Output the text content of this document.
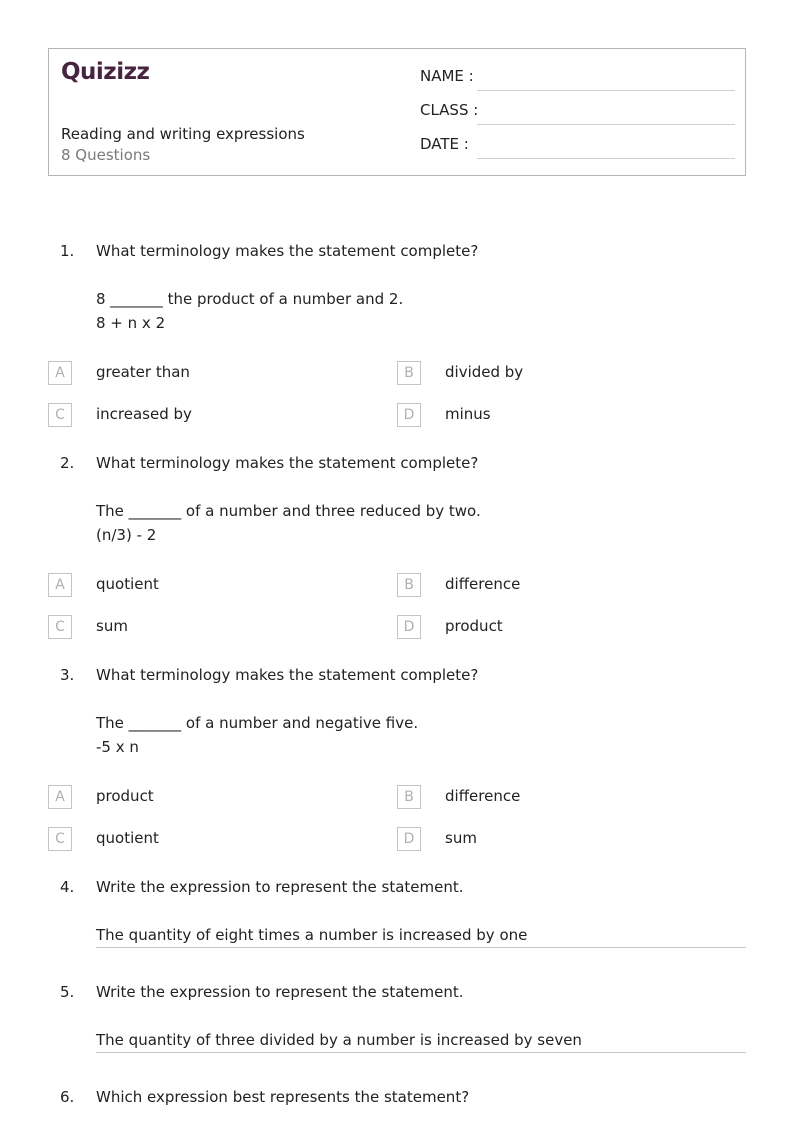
Quizizz
Reading and writing expressions
8 Questions
NAME :
CLASS :
DATE :
1. What terminology makes the statement complete?
8 _______ the product of a number and 2.
8 + n x 2
A	greater than	B	divided by
C	increased by	D	minus
2. What terminology makes the statement complete?
The _______ of a number and three reduced by two.
(n/3) - 2
A	quotient	B	difference
C	sum	D	product
3. What terminology makes the statement complete?
The _______ of a number and negative five.
-5 x n
A	product	B	difference
C	quotient	D	sum
4. Write the expression to represent the statement.
The quantity of eight times a number is increased by one
5. Write the expression to represent the statement.
The quantity of three divided by a number is increased by seven
6. Which expression best represents the statement?
